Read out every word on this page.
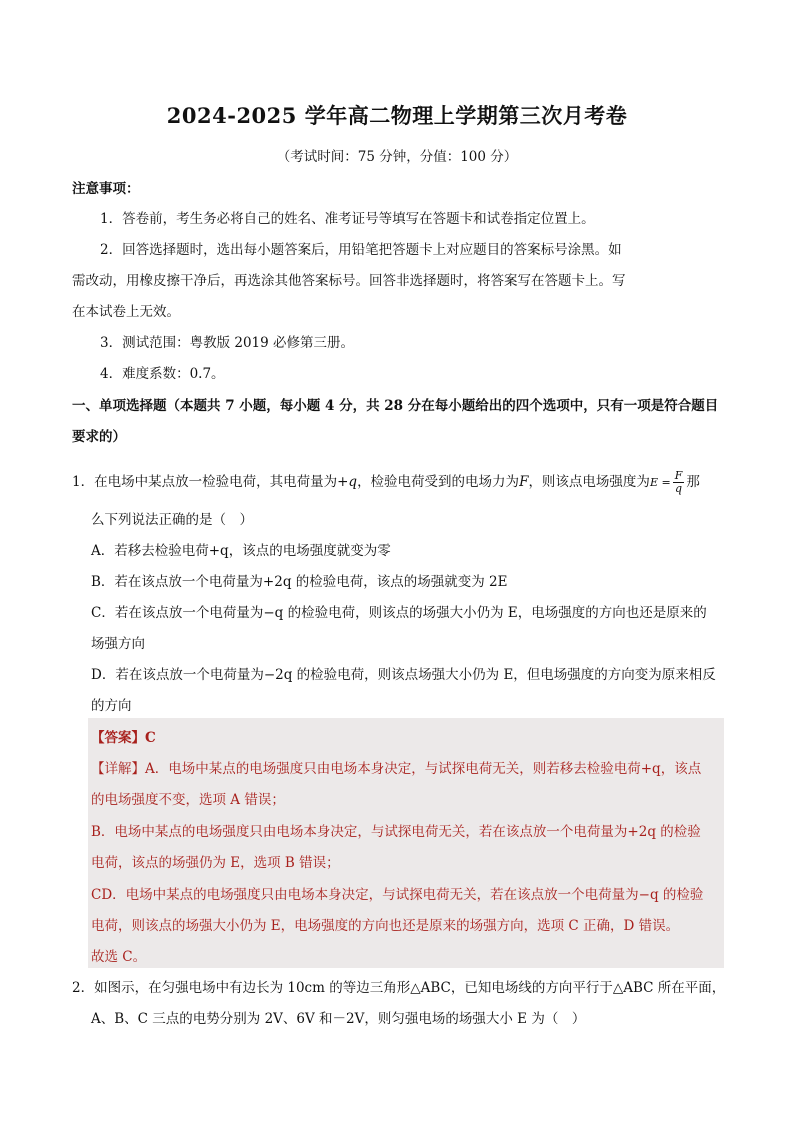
2024-2025 学年高二物理上学期第三次月考卷
（考试时间：75 分钟，分值：100 分）
注意事项：
1．答卷前，考生务必将自己的姓名、准考证号等填写在答题卡和试卷指定位置上。
2．回答选择题时，选出每小题答案后，用铅笔把答题卡上对应题目的答案标号涂黑。如
需改动，用橡皮擦干净后，再选涂其他答案标号。回答非选择题时，将答案写在答题卡上。写
在本试卷上无效。
3．测试范围：粤教版 2019 必修第三册。
4．难度系数：0.7。
一、单项选择题（本题共 7 小题，每小题 4 分，共 28 分在每小题给出的四个选项中，只有一项是符合题目
要求的）
1．在电场中某点放一检验电荷，其电荷量为+q，检验电荷受到的电场力为F，则该点电场强度为$E = \frac{F}{q}$ 那
么下列说法正确的是（　）
A．若移去检验电荷+q，该点的电场强度就变为零
B．若在该点放一个电荷量为+2q 的检验电荷，该点的场强就变为 2E
C．若在该点放一个电荷量为−q 的检验电荷，则该点的场强大小仍为 E，电场强度的方向也还是原来的
场强方向
D．若在该点放一个电荷量为−2q 的检验电荷，则该点场强大小仍为 E，但电场强度的方向变为原来相反
的方向
【答案】C
【详解】A．电场中某点的电场强度只由电场本身决定，与试探电荷无关，则若移去检验电荷+q，该点
的电场强度不变，选项 A 错误；
B．电场中某点的电场强度只由电场本身决定，与试探电荷无关，若在该点放一个电荷量为+2q 的检验
电荷，该点的场强仍为 E，选项 B 错误；
CD．电场中某点的电场强度只由电场本身决定，与试探电荷无关，若在该点放一个电荷量为−q 的检验
电荷，则该点的场强大小仍为 E，电场强度的方向也还是原来的场强方向，选项 C 正确，D 错误。
故选 C。
2．如图示，在匀强电场中有边长为 10cm 的等边三角形△ABC，已知电场线的方向平行于△ABC 所在平面，
A、B、C 三点的电势分别为 2V、6V 和－2V，则匀强电场的场强大小 E 为（　）
